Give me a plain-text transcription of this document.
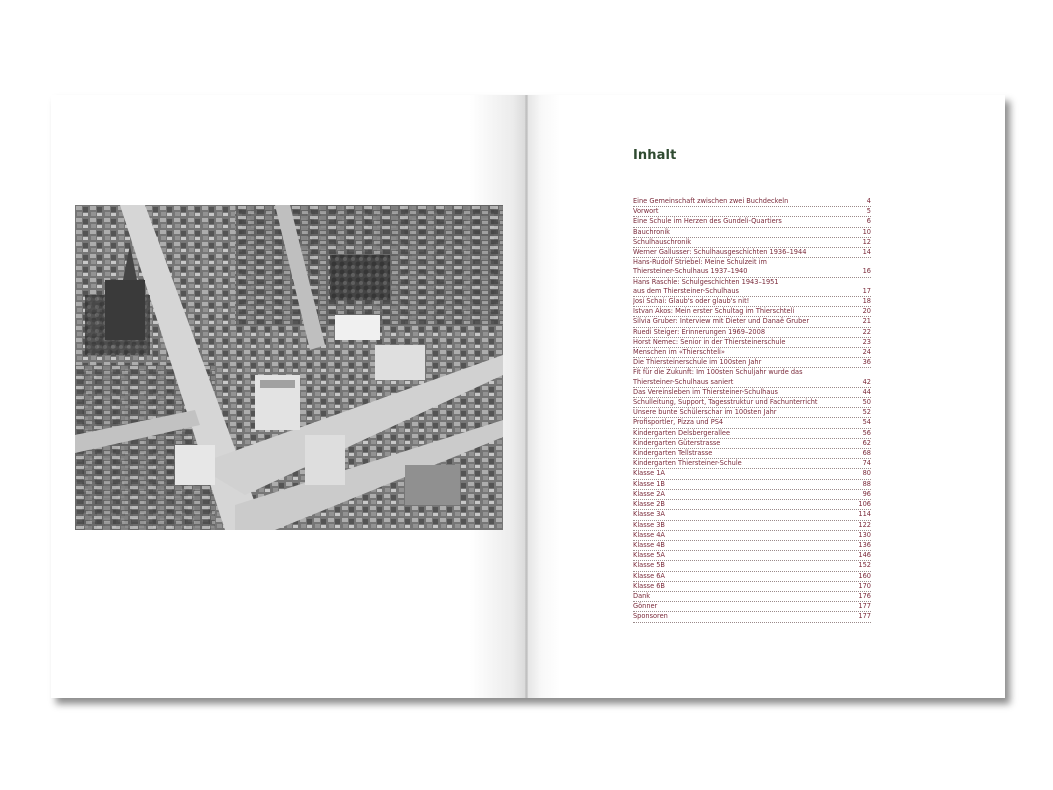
Inhalt
Eine Gemeinschaft zwischen zwei Buchdeckeln	4
Vorwort	5
Eine Schule im Herzen des Gundeli-Quartiers	6
Bauchronik	10
Schulhauschronik	12
Werner Gallusser: Schulhausgeschichten 1936–1944	14
Hans-Rudolf Striebel: Meine Schulzeit im
Thiersteiner-Schulhaus 1937–1940	16
Hans Raschle: Schulgeschichten 1943–1951
aus dem Thiersteiner-Schulhaus	17
Josi Schai: Glaub's oder glaub's nit!	18
Istvan Akos: Mein erster Schultag im Thierschteli	20
Silvia Gruber: Interview mit Dieter und Danaë Gruber	21
Ruedi Steiger: Erinnerungen 1969–2008	22
Horst Nemec: Senior in der Thiersteinerschule	23
Menschen im «Thierschteli»	24
Die Thiersteinerschule im 100sten Jahr	36
Fit für die Zukunft: Im 100sten Schuljahr wurde das
Thiersteiner-Schulhaus saniert	42
Das Vereinsleben im Thiersteiner-Schulhaus	44
Schulleitung, Support, Tagesstruktur und Fachunterricht	50
Unsere bunte Schülerschar im 100sten Jahr	52
Profisportler, Pizza und PS4	54
Kindergarten Delsbergerallee	56
Kindergarten Güterstrasse	62
Kindergarten Tellstrasse	68
Kindergarten Thiersteiner-Schule	74
Klasse 1A	80
Klasse 1B	88
Klasse 2A	96
Klasse 2B	106
Klasse 3A	114
Klasse 3B	122
Klasse 4A	130
Klasse 4B	136
Klasse 5A	146
Klasse 5B	152
Klasse 6A	160
Klasse 6B	170
Dank	176
Gönner	177
Sponsoren	177
